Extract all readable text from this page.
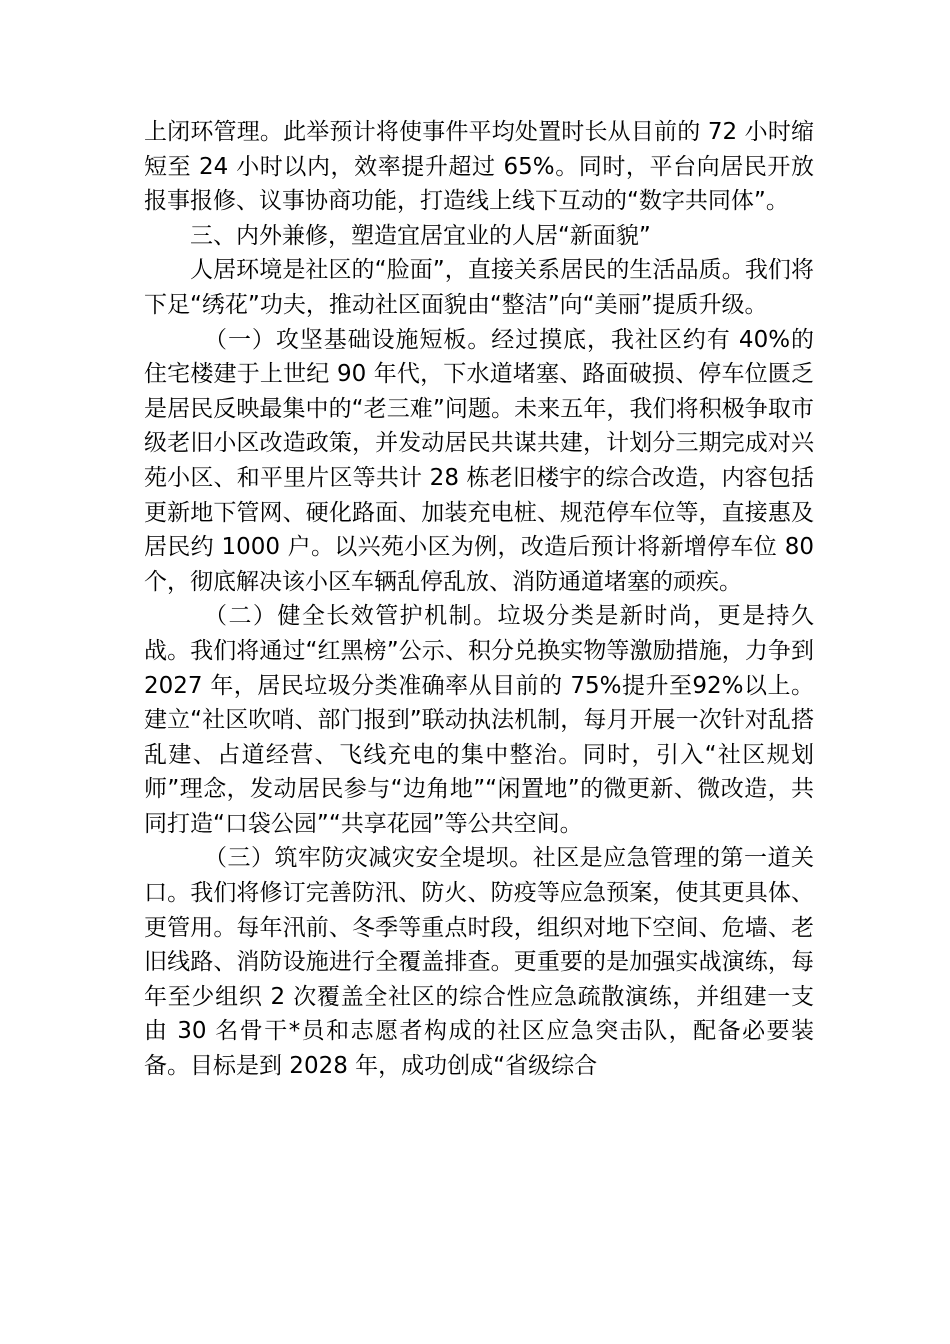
上闭环管理。此举预计将使事件平均处置时长从目前的 72 小时缩短至 24 小时以内，效率提升超过 65%。同时，平台向居民开放报事报修、议事协商功能，打造线上线下互动的“数字共同体”。

三、内外兼修，塑造宜居宜业的人居“新面貌”

人居环境是社区的“脸面”，直接关系居民的生活品质。我们将下足“绣花”功夫，推动社区面貌由“整洁”向“美丽”提质升级。

（一）攻坚基础设施短板。经过摸底，我社区约有 40%的住宅楼建于上世纪 90 年代，下水道堵塞、路面破损、停车位匮乏是居民反映最集中的“老三难”问题。未来五年，我们将积极争取市级老旧小区改造政策，并发动居民共谋共建，计划分三期完成对兴苑小区、和平里片区等共计 28 栋老旧楼宇的综合改造，内容包括更新地下管网、硬化路面、加装充电桩、规范停车位等，直接惠及居民约 1000 户。以兴苑小区为例，改造后预计将新增停车位 80 个，彻底解决该小区车辆乱停乱放、消防通道堵塞的顽疾。

（二）健全长效管护机制。垃圾分类是新时尚，更是持久战。我们将通过“红黑榜”公示、积分兑换实物等激励措施，力争到 2027 年，居民垃圾分类准确率从目前的 75%提升至92%以上。建立“社区吹哨、部门报到”联动执法机制，每月开展一次针对乱搭乱建、占道经营、飞线充电的集中整治。同时，引入“社区规划师”理念，发动居民参与“边角地”“闲置地”的微更新、微改造，共同打造“口袋公园”“共享花园”等公共空间。

（三）筑牢防灾减灾安全堤坝。社区是应急管理的第一道关口。我们将修订完善防汛、防火、防疫等应急预案，使其更具体、更管用。每年汛前、冬季等重点时段，组织对地下空间、危墙、老旧线路、消防设施进行全覆盖排查。更重要的是加强实战演练，每年至少组织 2 次覆盖全社区的综合性应急疏散演练，并组建一支由 30 名骨干*员和志愿者构成的社区应急突击队，配备必要装备。目标是到 2028 年，成功创成“省级综合
